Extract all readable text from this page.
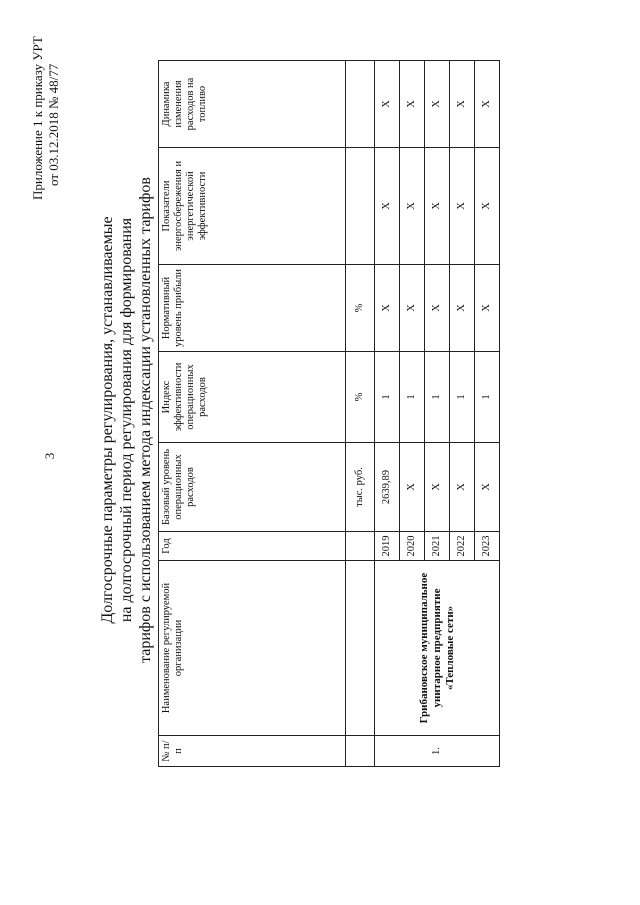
3
Приложение 1 к приказу УРТ от 03.12.2018 № 48/77
Долгосрочные параметры регулирования, устанавливаемые на долгосрочный период регулирования для формирования тарифов с использованием метода индексации установленных тарифов
№ п/п	Наименование регулируемой организации	Год	Базовый уровень операционных расходов	Индекс эффективности операционных расходов	Нормативный уровень прибыли	Показатели энергосбережения и энергетической эффективности	Динамика изменения расходов на топливо
			тыс. руб.	%	%		
1.	Грибановское муниципальное унитарное предприятие «Тепловые сети»	2019	2639,89	1	X	X	X
		2020	X	1	X	X	X
		2021	X	1	X	X	X
		2022	X	1	X	X	X
		2023	X	1	X	X	X
